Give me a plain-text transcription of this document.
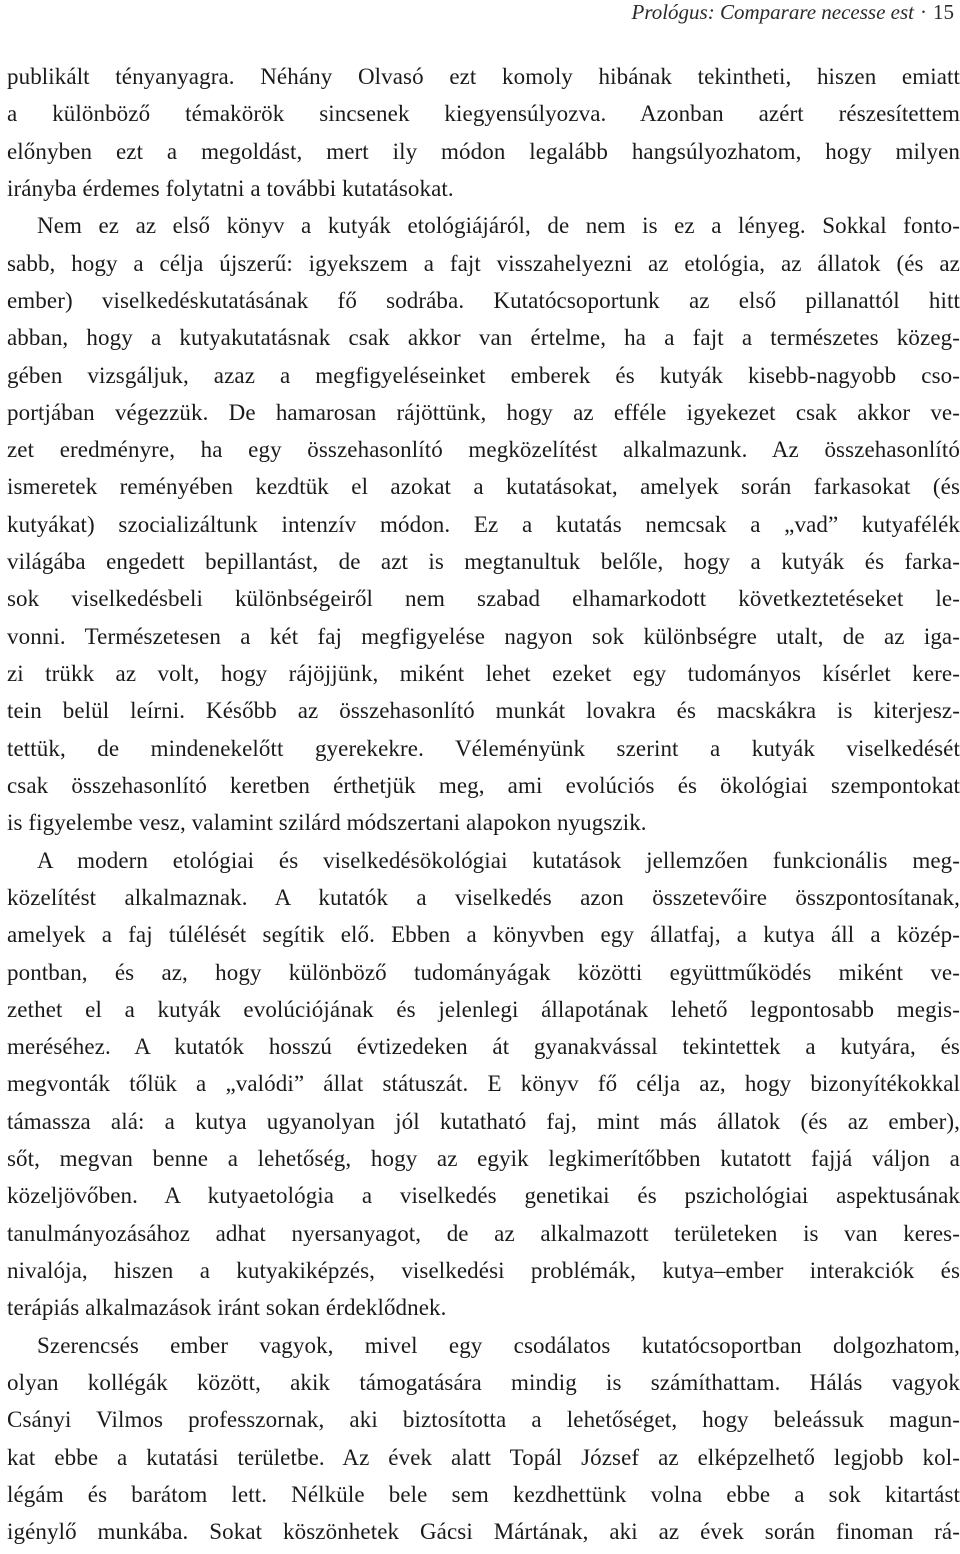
Prológus: Comparare necesse est · 15
publikált tényanyagra. Néhány Olvasó ezt komoly hibának tekintheti, hiszen emiatt
a különböző témakörök sincsenek kiegyensúlyozva. Azonban azért részesítettem
előnyben ezt a megoldást, mert ily módon legalább hangsúlyozhatom, hogy milyen
irányba érdemes folytatni a további kutatásokat.
Nem ez az első könyv a kutyák etológiájáról, de nem is ez a lényeg. Sokkal fonto-
sabb, hogy a célja újszerű: igyekszem a fajt visszahelyezni az etológia, az állatok (és az
ember) viselkedéskutatásának fő sodrába. Kutatócsoportunk az első pillanattól hitt
abban, hogy a kutyakutatásnak csak akkor van értelme, ha a fajt a természetes közeg-
gében vizsgáljuk, azaz a megfigyeléseinket emberek és kutyák kisebb-nagyobb cso-
portjában végezzük. De hamarosan rájöttünk, hogy az efféle igyekezet csak akkor ve-
zet eredményre, ha egy összehasonlító megközelítést alkalmazunk. Az összehasonlító
ismeretek reményében kezdtük el azokat a kutatásokat, amelyek során farkasokat (és
kutyákat) szocializáltunk intenzív módon. Ez a kutatás nemcsak a „vad” kutyafélék
világába engedett bepillantást, de azt is megtanultuk belőle, hogy a kutyák és farka-
sok viselkedésbeli különbségeiről nem szabad elhamarkodott következtetéseket le-
vonni. Természetesen a két faj megfigyelése nagyon sok különbségre utalt, de az iga-
zi trükk az volt, hogy rájöjjünk, miként lehet ezeket egy tudományos kísérlet kere-
tein belül leírni. Később az összehasonlító munkát lovakra és macskákra is kiterjesz-
tettük, de mindenekelőtt gyerekekre. Véleményünk szerint a kutyák viselkedését
csak összehasonlító keretben érthetjük meg, ami evolúciós és ökológiai szempontokat
is figyelembe vesz, valamint szilárd módszertani alapokon nyugszik.
A modern etológiai és viselkedésökológiai kutatások jellemzően funkcionális meg-
közelítést alkalmaznak. A kutatók a viselkedés azon összetevőire összpontosítanak,
amelyek a faj túlélését segítik elő. Ebben a könyvben egy állatfaj, a kutya áll a közép-
pontban, és az, hogy különböző tudományágak közötti együttműködés miként ve-
zethet el a kutyák evolúciójának és jelenlegi állapotának lehető legpontosabb megis-
meréséhez. A kutatók hosszú évtizedeken át gyanakvással tekintettek a kutyára, és
megvonták tőlük a „valódi” állat státuszát. E könyv fő célja az, hogy bizonyítékokkal
támassza alá: a kutya ugyanolyan jól kutatható faj, mint más állatok (és az ember),
sőt, megvan benne a lehetőség, hogy az egyik legkimerítőbben kutatott fajjá váljon a
közeljövőben. A kutyaetológia a viselkedés genetikai és pszichológiai aspektusának
tanulmányozásához adhat nyersanyagot, de az alkalmazott területeken is van keres-
nivalója, hiszen a kutyakiképzés, viselkedési problémák, kutya–ember interakciók és
terápiás alkalmazások iránt sokan érdeklődnek.
Szerencsés ember vagyok, mivel egy csodálatos kutatócsoportban dolgozhatom,
olyan kollégák között, akik támogatására mindig is számíthattam. Hálás vagyok
Csányi Vilmos professzornak, aki biztosította a lehetőséget, hogy beleássuk magun-
kat ebbe a kutatási területbe. Az évek alatt Topál József az elképzelhető legjobb kol-
légám és barátom lett. Nélküle bele sem kezdhettünk volna ebbe a sok kitartást
igénylő munkába. Sokat köszönhetek Gácsi Mártának, aki az évek során finoman rá-
